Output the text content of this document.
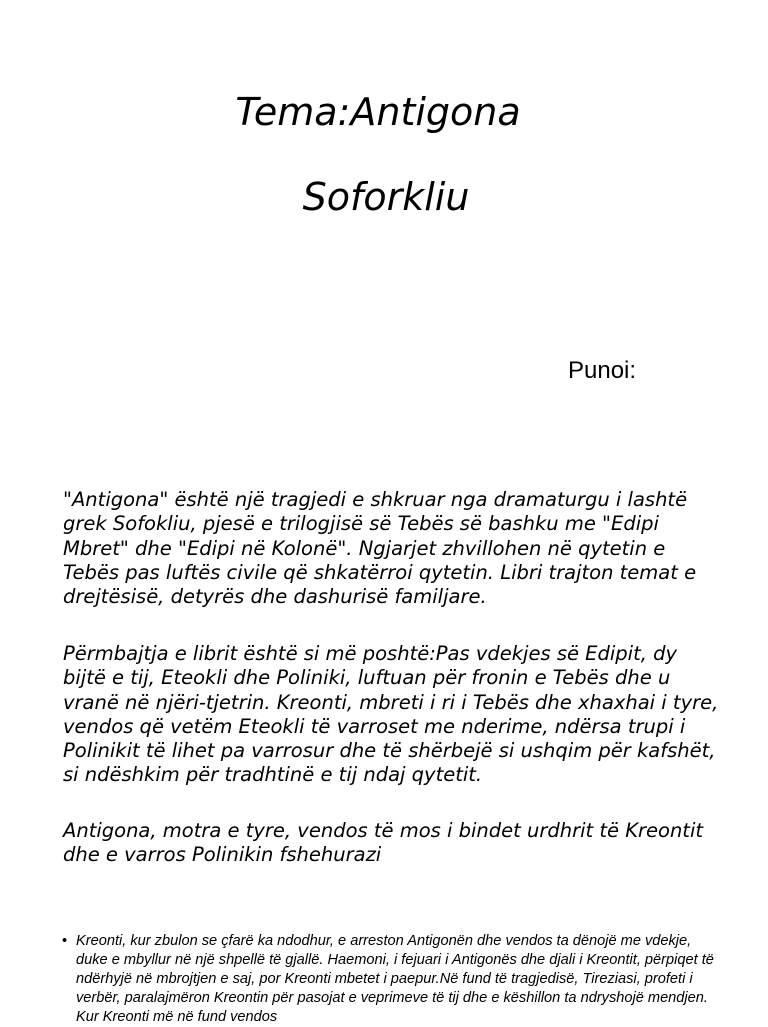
Tema:Antigona
Soforkliu
Punoi:

"Antigona" është një tragjedi e shkruar nga dramaturgu i lashtë grek Sofokliu, pjesë e trilogjisë së Tebës së bashku me "Edipi Mbret" dhe "Edipi në Kolonë". Ngjarjet zhvillohen në qytetin e Tebës pas luftës civile që shkatërroi qytetin. Libri trajton temat e drejtësisë, detyrës dhe dashurisë familjare.

Përmbajtja e librit është si më poshtë:Pas vdekjes së Edipit, dy bijtë e tij, Eteokli dhe Poliniki, luftuan për fronin e Tebës dhe u vranë në njëri-tjetrin. Kreonti, mbreti i ri i Tebës dhe xhaxhai i tyre, vendos që vetëm Eteokli të varroset me nderime, ndërsa trupi i Polinikit të lihet pa varrosur dhe të shërbejë si ushqim për kafshët, si ndëshkim për tradhtinë e tij ndaj qytetit.

Antigona, motra e tyre, vendos të mos i bindet urdhrit të Kreontit dhe e varros Polinikin fshehurazi

• Kreonti, kur zbulon se çfarë ka ndodhur, e arreston Antigonën dhe vendos ta dënojë me vdekje, duke e mbyllur në një shpellë të gjallë. Haemoni, i fejuari i Antigonës dhe djali i Kreontit, përpiqet të ndërhyjë në mbrojtjen e saj, por Kreonti mbetet i paepur.Në fund të tragjedisë, Tireziasi, profeti i verbër, paralajmëron Kreontin për pasojat e veprimeve të tij dhe e këshillon ta ndryshojë mendjen. Kur Kreonti më në fund vendos
